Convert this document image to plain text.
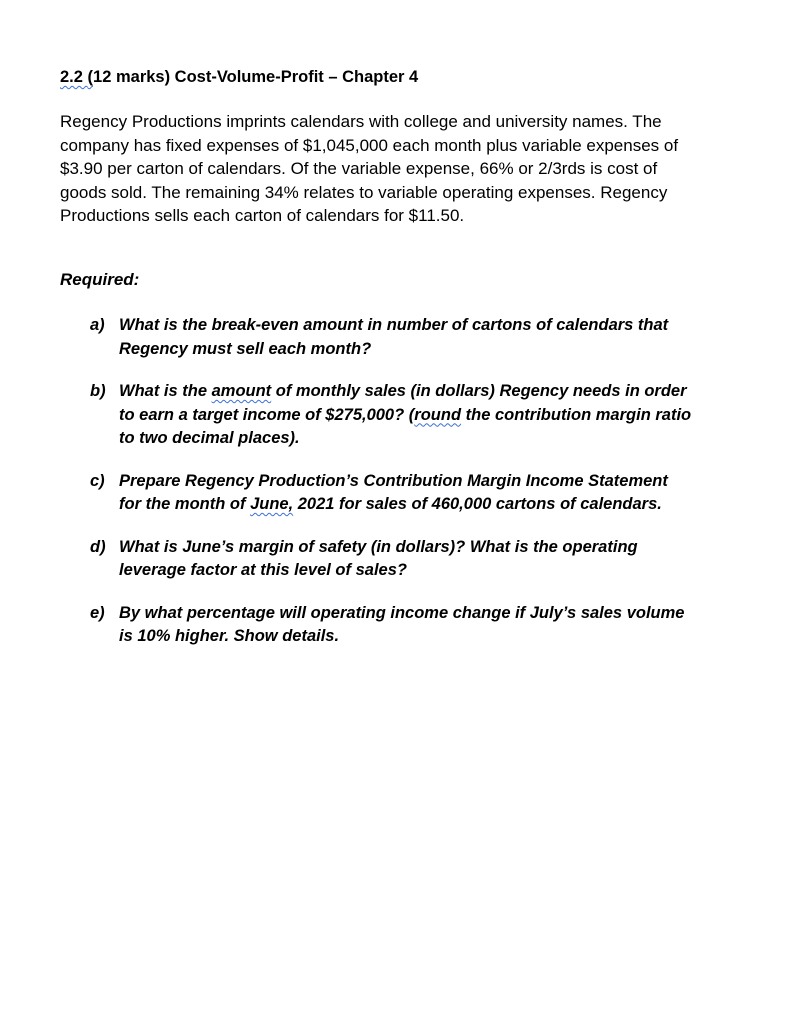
2.2 (12 marks) Cost-Volume-Profit – Chapter 4
Regency Productions imprints calendars with college and university names. The
company has fixed expenses of $1,045,000 each month plus variable expenses of
$3.90 per carton of calendars. Of the variable expense, 66% or 2/3rds is cost of
goods sold. The remaining 34% relates to variable operating expenses. Regency
Productions sells each carton of calendars for $11.50.
Required:
a) What is the break-even amount in number of cartons of calendars that
Regency must sell each month?
b) What is the amount of monthly sales (in dollars) Regency needs in order
to earn a target income of $275,000? (round the contribution margin ratio
to two decimal places).
c) Prepare Regency Production’s Contribution Margin Income Statement
for the month of June, 2021 for sales of 460,000 cartons of calendars.
d) What is June’s margin of safety (in dollars)? What is the operating
leverage factor at this level of sales?
e) By what percentage will operating income change if July’s sales volume
is 10% higher. Show details.
